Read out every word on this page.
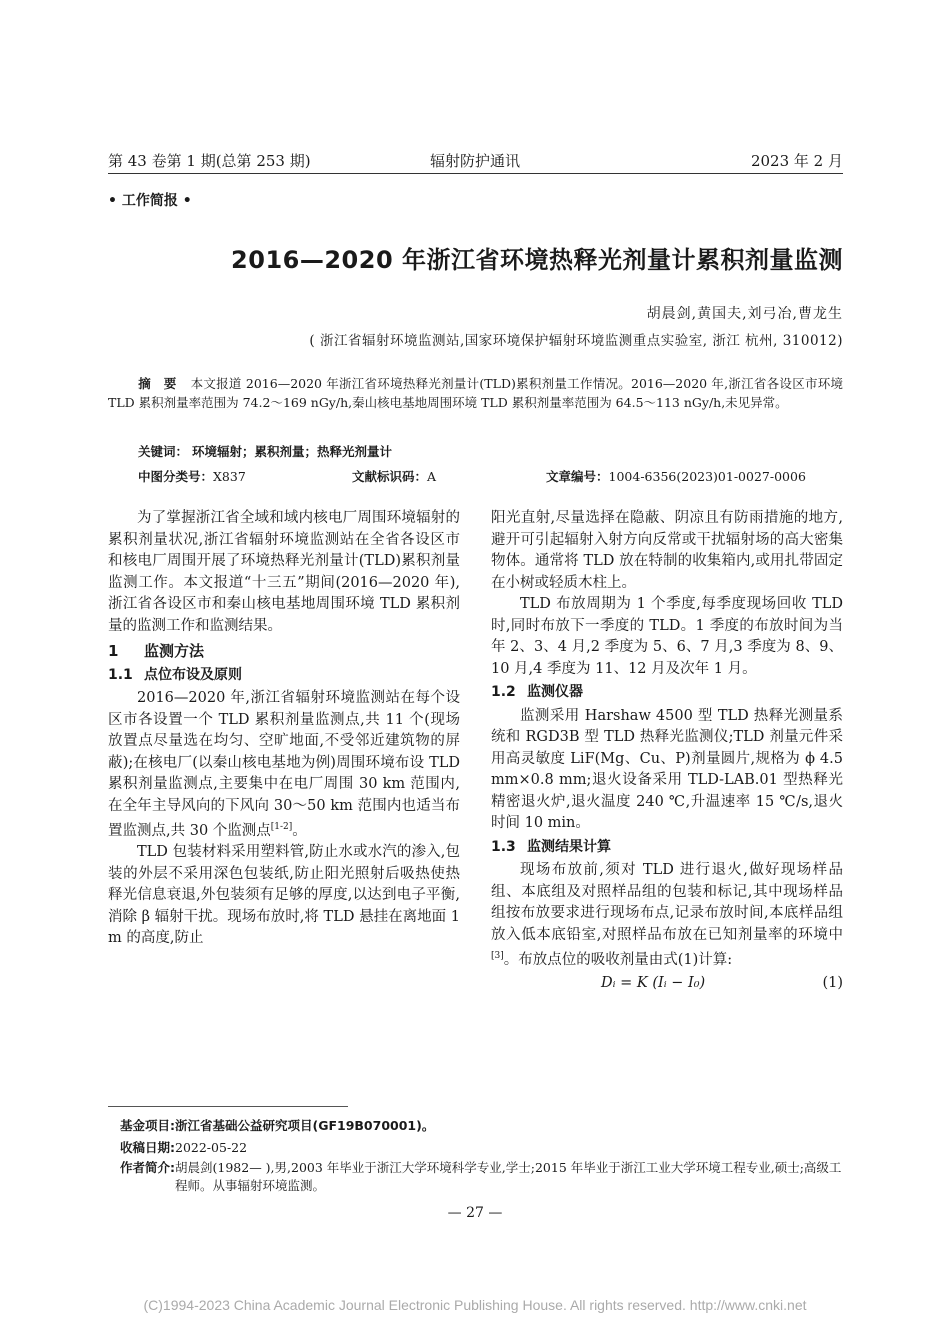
第 43 卷第 1 期(总第 253 期)	辐射防护通讯	2023 年 2 月
• 工作简报 •
2016—2020 年浙江省环境热释光剂量计累积剂量监测
胡晨剑,黄国夫,刘弓冶,曹龙生
( 浙江省辐射环境监测站,国家环境保护辐射环境监测重点实验室, 浙江 杭州, 310012)
摘　要 本文报道 2016—2020 年浙江省环境热释光剂量计(TLD)累积剂量工作情况。2016—2020 年,浙江省各设区市环境 TLD 累积剂量率范围为 74.2～169 nGy/h,秦山核电基地周围环境 TLD 累积剂量率范围为 64.5～113 nGy/h,未见异常。
关键词： 环境辐射；累积剂量；热释光剂量计
中图分类号：X837	文献标识码：A	文章编号：1004-6356(2023)01-0027-0006

为了掌握浙江省全域和域内核电厂周围环境辐射的累积剂量状况,浙江省辐射环境监测站在全省各设区市和核电厂周围开展了环境热释光剂量计(TLD)累积剂量监测工作。本文报道“十三五”期间(2016—2020 年),浙江省各设区市和秦山核电基地周围环境 TLD 累积剂量的监测工作和监测结果。

1 监测方法
1.1 点位布设及原则

2016—2020 年,浙江省辐射环境监测站在每个设区市各设置一个 TLD 累积剂量监测点,共 11 个(现场放置点尽量选在均匀、空旷地面,不受邻近建筑物的屏蔽);在核电厂(以秦山核电基地为例)周围环境布设 TLD 累积剂量监测点,主要集中在电厂周围 30 km 范围内,在全年主导风向的下风向 30～50 km 范围内也适当布置监测点,共 30 个监测点[1-2]。

TLD 包装材料采用塑料管,防止水或水汽的渗入,包装的外层不采用深色包装纸,防止阳光照射后吸热使热释光信息衰退,外包装须有足够的厚度,以达到电子平衡,消除 β 辐射干扰。现场布放时,将 TLD 悬挂在离地面 1 m 的高度,防止

阳光直射,尽量选择在隐蔽、阴凉且有防雨措施的地方,避开可引起辐射入射方向反常或干扰辐射场的高大密集物体。通常将 TLD 放在特制的收集箱内,或用扎带固定在小树或轻质木柱上。

TLD 布放周期为 1 个季度,每季度现场回收 TLD 时,同时布放下一季度的 TLD。1 季度的布放时间为当年 2、3、4 月,2 季度为 5、6、7 月,3 季度为 8、9、10 月,4 季度为 11、12 月及次年 1 月。

1.2 监测仪器

监测采用 Harshaw 4500 型 TLD 热释光测量系统和 RGD3B 型 TLD 热释光监测仪;TLD 剂量元件采用高灵敏度 LiF(Mg、Cu、P)剂量圆片,规格为 ϕ 4.5 mm×0.8 mm;退火设备采用 TLD-LAB.01 型热释光精密退火炉,退火温度 240 ℃,升温速率 15 ℃/s,退火时间 10 min。

1.3 监测结果计算

现场布放前,须对 TLD 进行退火,做好现场样品组、本底组及对照样品组的包装和标记,其中现场样品组按布放要求进行现场布点,记录布放时间,本底样品组放入低本底铅室,对照样品布放在已知剂量率的环境中[3]。布放点位的吸收剂量由式(1)计算:

Dᵢ = K (Iᵢ − I₀)	(1)
基金项目:浙江省基础公益研究项目(GF19B070001)。
收稿日期:2022-05-22
作者简介: 胡晨剑(1982— ),男,2003 年毕业于浙江大学环境科学专业,学士;2015 年毕业于浙江工业大学环境工程专业,硕士;高级工程师。从事辐射环境监测。
— 27 —
(C)1994-2023 China Academic Journal Electronic Publishing House. All rights reserved. http://www.cnki.net
